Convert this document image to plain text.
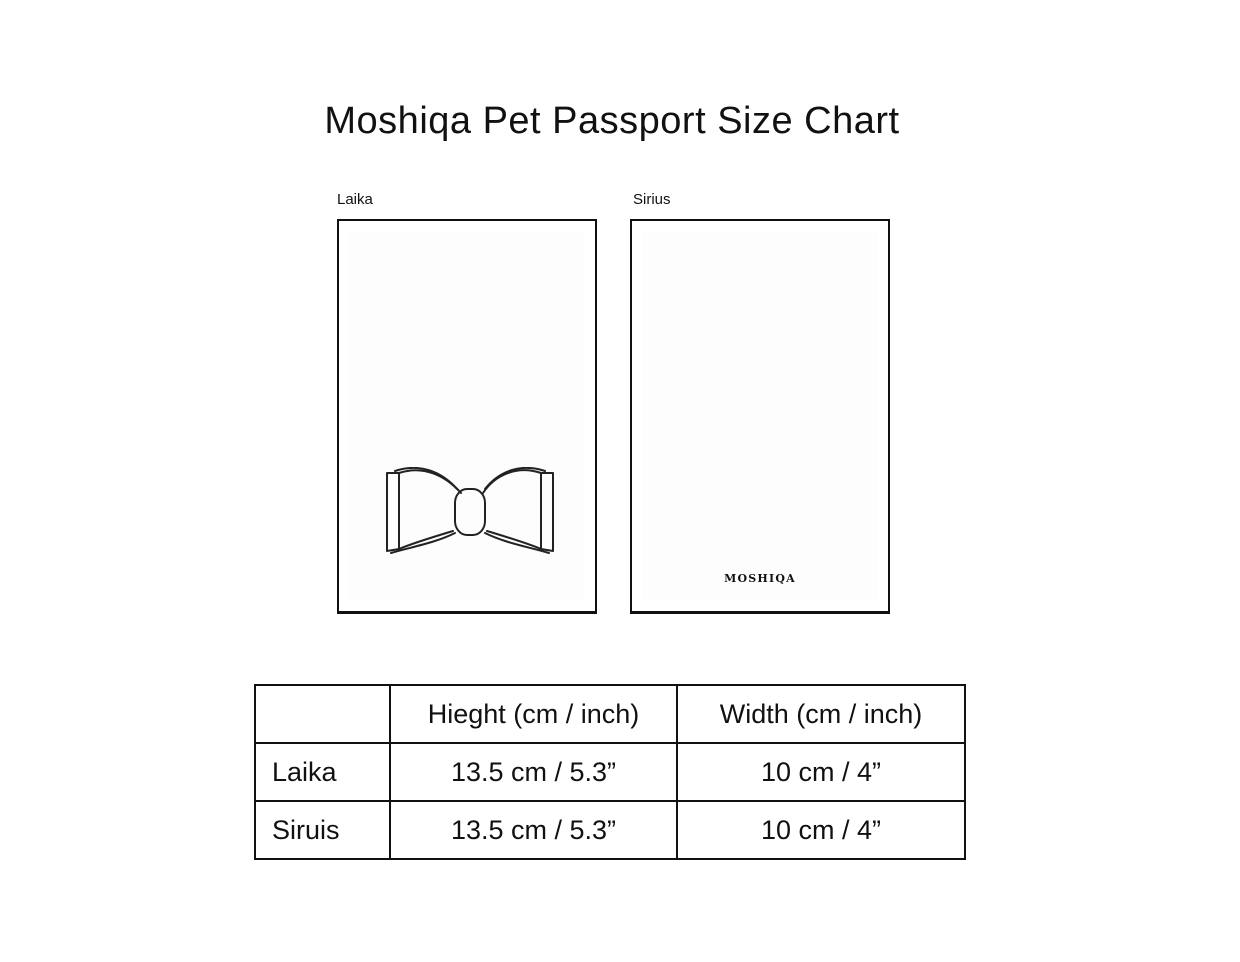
Moshiqa Pet Passport Size Chart
Laika	Sirius
MOSHIQA
	Hieght (cm / inch)	Width (cm / inch)
Laika	13.5 cm / 5.3”	10 cm / 4”
Siruis	13.5 cm / 5.3”	10 cm / 4”
